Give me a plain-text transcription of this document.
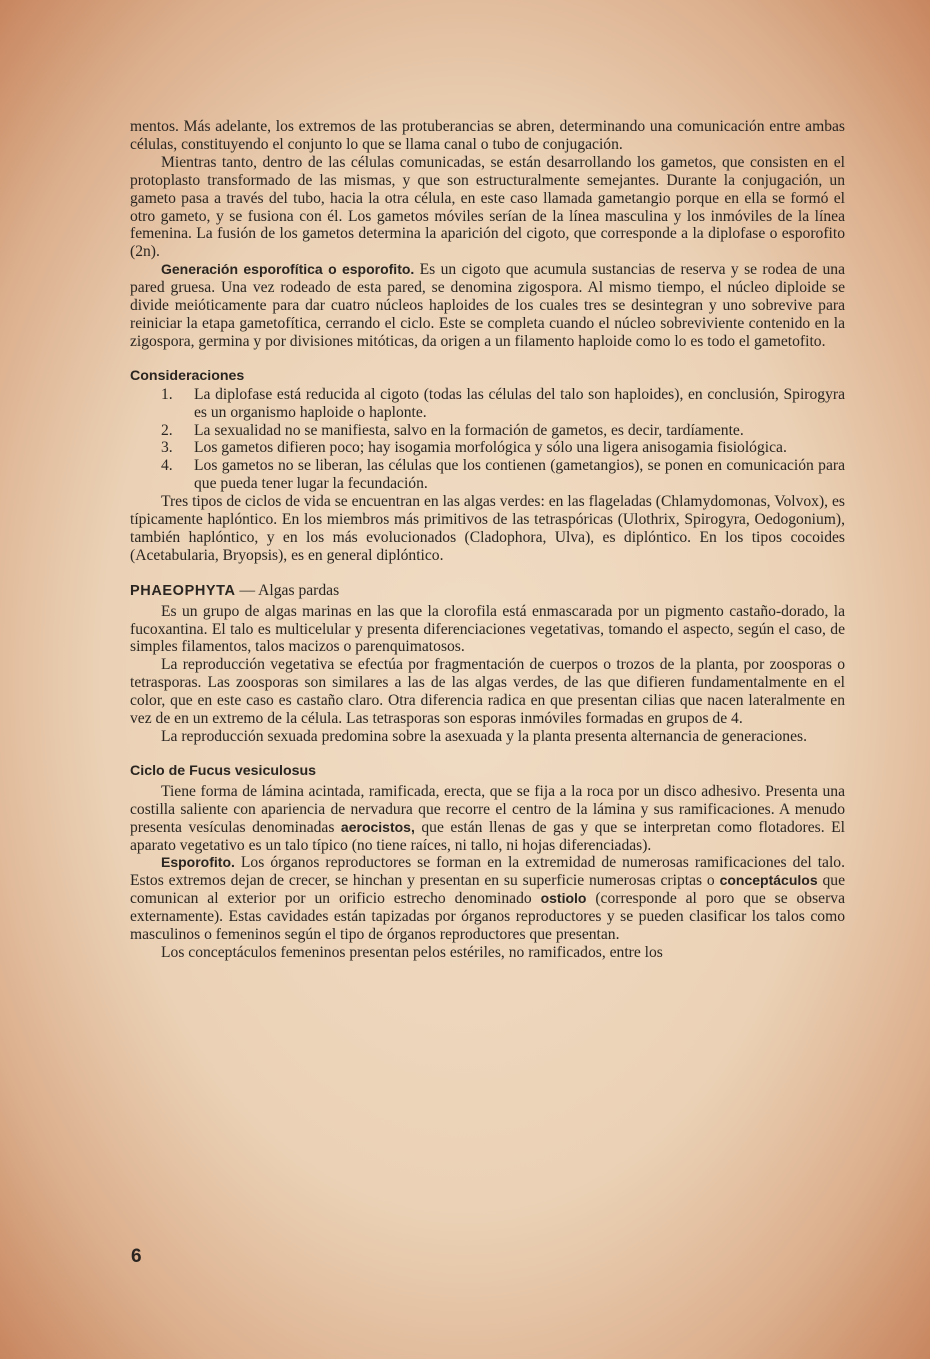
mentos. Más adelante, los extremos de las protuberancias se abren, determinando una comunicación entre ambas células, constituyendo el conjunto lo que se llama canal o tubo de conjugación.

Mientras tanto, dentro de las células comunicadas, se están desarrollando los gametos, que consisten en el protoplasto transformado de las mismas, y que son estructuralmente semejantes. Durante la conjugación, un gameto pasa a través del tubo, hacia la otra célula, en este caso llamada gametangio porque en ella se formó el otro gameto, y se fusiona con él. Los gametos móviles serían de la línea masculina y los inmóviles de la línea femenina. La fusión de los gametos determina la aparición del cigoto, que corresponde a la diplofase o esporofito (2n).

Generación esporofítica o esporofito. Es un cigoto que acumula sustancias de reserva y se rodea de una pared gruesa. Una vez rodeado de esta pared, se denomina zigospora. Al mismo tiempo, el núcleo diploide se divide meióticamente para dar cuatro núcleos haploides de los cuales tres se desintegran y uno sobrevive para reiniciar la etapa gametofítica, cerrando el ciclo. Este se completa cuando el núcleo sobreviviente contenido en la zigospora, germina y por divisiones mitóticas, da origen a un filamento haploide como lo es todo el gametofito.

Consideraciones

1. La diplofase está reducida al cigoto (todas las células del talo son haploides), en conclusión, Spirogyra es un organismo haploide o haplonte.
2. La sexualidad no se manifiesta, salvo en la formación de gametos, es decir, tardíamente.
3. Los gametos difieren poco; hay isogamia morfológica y sólo una ligera anisogamia fisiológica.
4. Los gametos no se liberan, las células que los contienen (gametangios), se ponen en comunicación para que pueda tener lugar la fecundación.

Tres tipos de ciclos de vida se encuentran en las algas verdes: en las flageladas (Chlamydomonas, Volvox), es típicamente haplóntico. En los miembros más primitivos de las tetraspóricas (Ulothrix, Spirogyra, Oedogonium), también haplóntico, y en los más evolucionados (Cladophora, Ulva), es diplóntico. En los tipos cocoides (Acetabularia, Bryopsis), es en general diplóntico.

PHAEOPHYTA — Algas pardas

Es un grupo de algas marinas en las que la clorofila está enmascarada por un pigmento castaño-dorado, la fucoxantina. El talo es multicelular y presenta diferenciaciones vegetativas, tomando el aspecto, según el caso, de simples filamentos, talos macizos o parenquimatosos.

La reproducción vegetativa se efectúa por fragmentación de cuerpos o trozos de la planta, por zoosporas o tetrasporas. Las zoosporas son similares a las de las algas verdes, de las que difieren fundamentalmente en el color, que en este caso es castaño claro. Otra diferencia radica en que presentan cilias que nacen lateralmente en vez de en un extremo de la célula. Las tetrasporas son esporas inmóviles formadas en grupos de 4.

La reproducción sexuada predomina sobre la asexuada y la planta presenta alternancia de generaciones.

Ciclo de Fucus vesiculosus

Tiene forma de lámina acintada, ramificada, erecta, que se fija a la roca por un disco adhesivo. Presenta una costilla saliente con apariencia de nervadura que recorre el centro de la lámina y sus ramificaciones. A menudo presenta vesículas denominadas aerocistos, que están llenas de gas y que se interpretan como flotadores. El aparato vegetativo es un talo típico (no tiene raíces, ni tallo, ni hojas diferenciadas).

Esporofito. Los órganos reproductores se forman en la extremidad de numerosas ramificaciones del talo. Estos extremos dejan de crecer, se hinchan y presentan en su superficie numerosas criptas o conceptáculos que comunican al exterior por un orificio estrecho denominado ostiolo (corresponde al poro que se observa externamente). Estas cavidades están tapizadas por órganos reproductores y se pueden clasificar los talos como masculinos o femeninos según el tipo de órganos reproductores que presentan.

Los conceptáculos femeninos presentan pelos estériles, no ramificados, entre los

6
